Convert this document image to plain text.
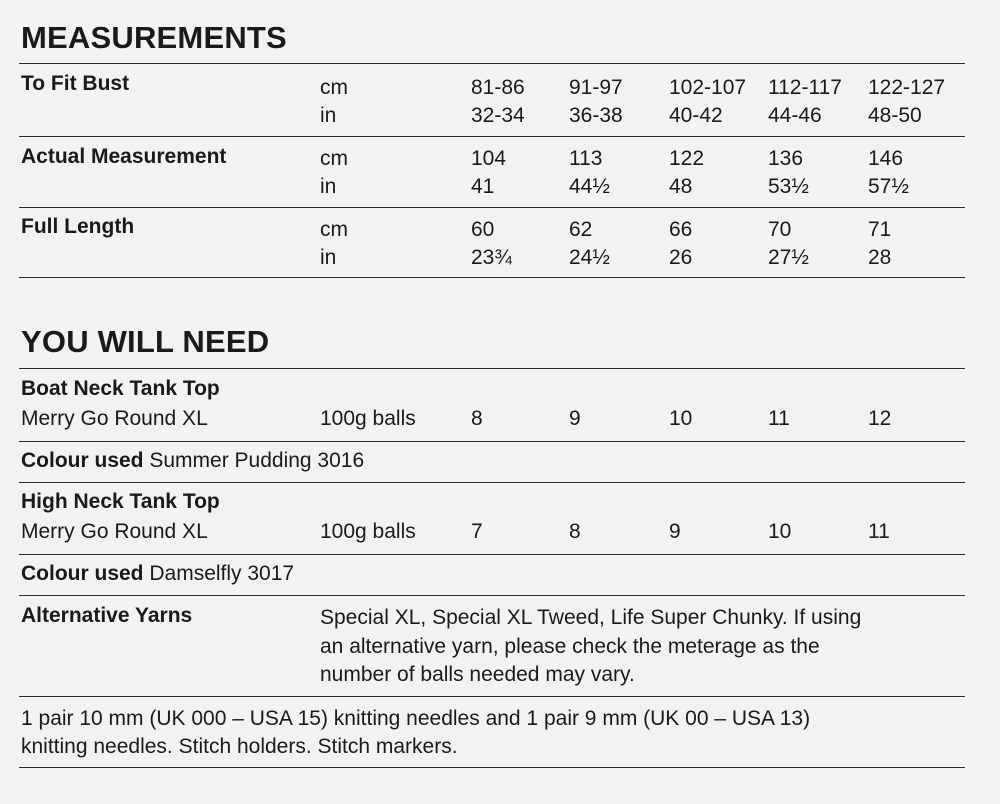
MEASUREMENTS
To Fit Bust	cm	81-86 91-97 102-107 112-117 122-127
in	32-34 36-38 40-42 44-46 48-50
Actual Measurement	cm	104	113	122	136	146
in	41	44½	48	53½	57½
Full Length	cm	60	62	66	70	71
in	23¾	24½	26	27½	28
YOU WILL NEED
Boat Neck Tank Top
Merry Go Round XL	100g balls	8	9	10	11	12
Colour used Summer Pudding 3016
High Neck Tank Top
Merry Go Round XL	100g balls	7	8	9	10	11
Colour used Damselfly 3017
Alternative Yarns	Special XL, Special XL Tweed, Life Super Chunky. If using
an alternative yarn, please check the meterage as the
number of balls needed may vary.
1 pair 10 mm (UK 000 – USA 15) knitting needles and 1 pair 9 mm (UK 00 – USA 13)
knitting needles. Stitch holders. Stitch markers.
